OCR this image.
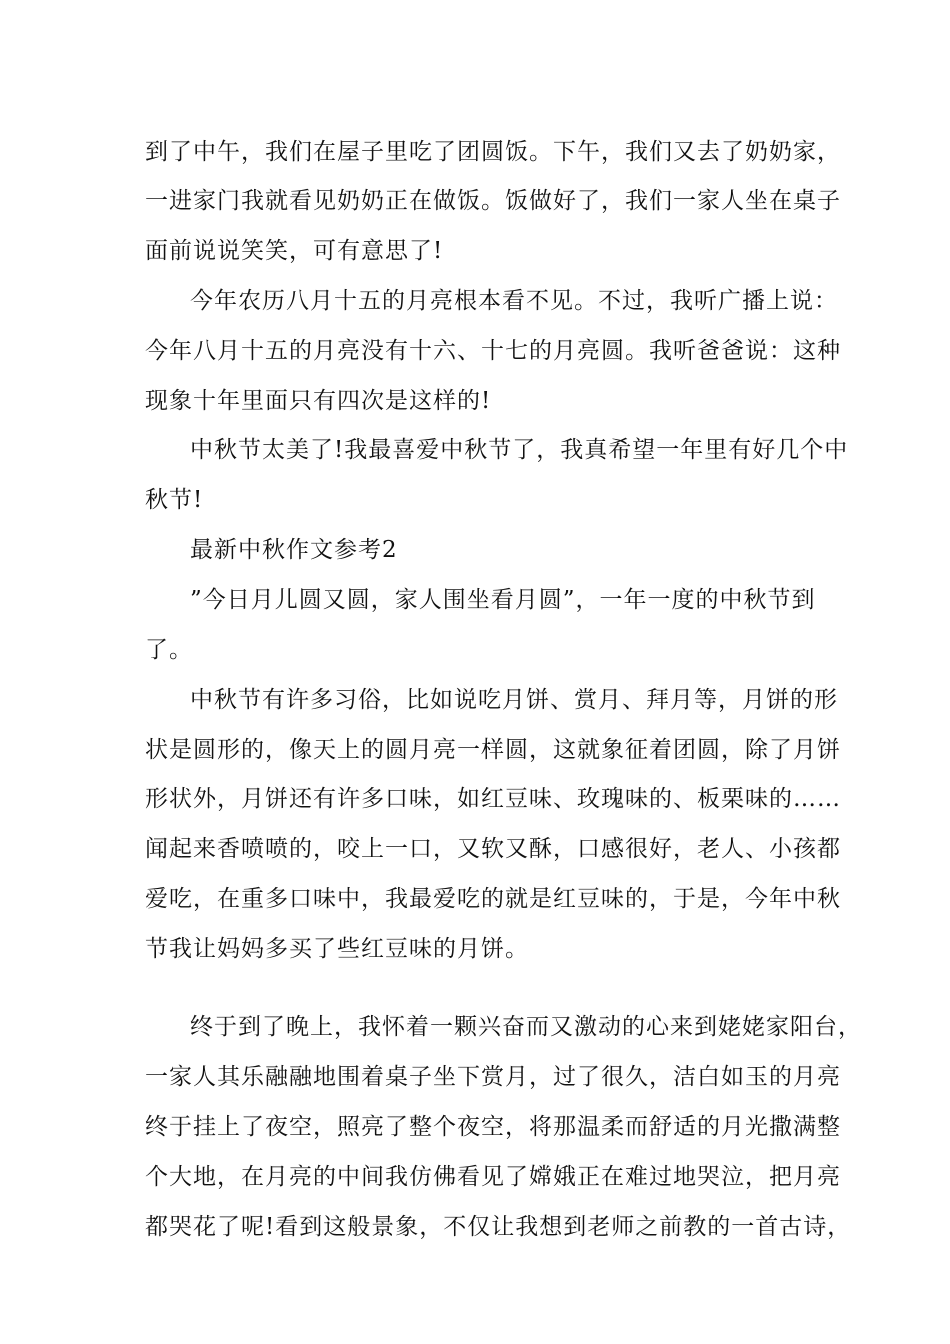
到了中午，我们在屋子里吃了团圆饭。下午，我们又去了奶奶家，
一进家门我就看见奶奶正在做饭。饭做好了，我们一家人坐在桌子
面前说说笑笑，可有意思了!
今年农历八月十五的月亮根本看不见。不过，我听广播上说：
今年八月十五的月亮没有十六、十七的月亮圆。我听爸爸说：这种
现象十年里面只有四次是这样的!
中秋节太美了!我最喜爱中秋节了，我真希望一年里有好几个中
秋节!
最新中秋作文参考2
”今日月儿圆又圆，家人围坐看月圆”，一年一度的中秋节到
了。
中秋节有许多习俗，比如说吃月饼、赏月、拜月等，月饼的形
状是圆形的，像天上的圆月亮一样圆，这就象征着团圆，除了月饼
形状外，月饼还有许多口味，如红豆味、玫瑰味的、板栗味的……
闻起来香喷喷的，咬上一口，又软又酥，口感很好，老人、小孩都
爱吃，在重多口味中，我最爱吃的就是红豆味的，于是，今年中秋
节我让妈妈多买了些红豆味的月饼。
终于到了晚上，我怀着一颗兴奋而又激动的心来到姥姥家阳台，
一家人其乐融融地围着桌子坐下赏月，过了很久，洁白如玉的月亮
终于挂上了夜空，照亮了整个夜空，将那温柔而舒适的月光撒满整
个大地，在月亮的中间我仿佛看见了嫦娥正在难过地哭泣，把月亮
都哭花了呢!看到这般景象，不仅让我想到老师之前教的一首古诗，
